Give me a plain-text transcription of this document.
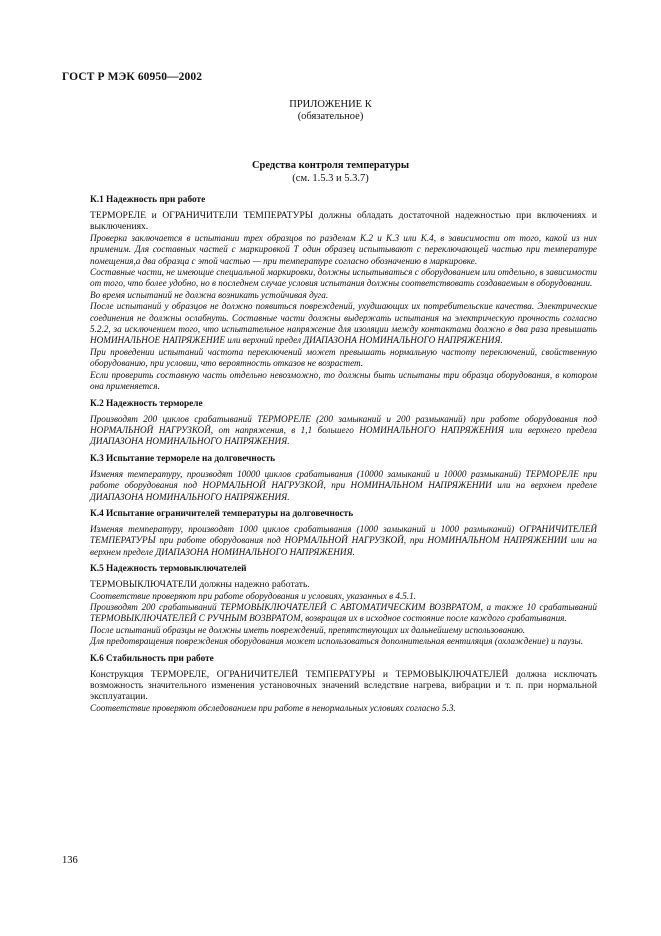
ГОСТ Р МЭК 60950—2002
ПРИЛОЖЕНИЕ К
(обязательное)
Средства контроля температуры
(см. 1.5.3 и 5.3.7)
К.1 Надежность при работе

ТЕРМОРЕЛЕ и ОГРАНИЧИТЕЛИ ТЕМПЕРАТУРЫ должны обладать достаточной надежностью при включениях и выключениях.

Проверка заключается в испытании трех образцов по разделам К.2 и К.3 или К.4, в зависимости от того, какой из них применим. Для составных частей с маркировкой Т один образец испытывают с переключающей частью при температуре помещения,а два образца с этой частью — при температуре согласно обозначению в маркировке.

Составные части, не имеющие специальной маркировки, должны испытываться с оборудованием или отдельно, в зависимости от того, что более удобно, но в последнем случае условия испытания должны соответствовать создаваемым в оборудовании.

Во время испытаний не должна возникать устойчивая дуга.

После испытаний у образцов не должно появиться повреждений, ухудшающих их потребительские качества. Электрические соединения не должны ослабнуть. Составные части должны выдержать испытания на электрическую прочность согласно 5.2.2, за исключением того, что испытательное напряжение для изоляции между контактами должно в два раза превышать НОМИНАЛЬНОЕ НАПРЯЖЕНИЕ или верхний предел ДИАПАЗОНА НОМИНАЛЬНОГО НАПРЯЖЕНИЯ.

При проведении испытаний частота переключений может превышать нормальную частоту переключений, свойственную оборудованию, при условии, что вероятность отказов не возрастет.

Если проверить составную часть отдельно невозможно, то должны быть испытаны три образца оборудования, в котором она применяется.

К.2 Надежность терморелe

Производят 200 циклов срабатываний ТЕРМОРЕЛЕ (200 замыканий и 200 размыканий) при работе оборудования под НОРМАЛЬНОЙ НАГРУЗКОЙ, от напряжения, в 1,1 большего НОМИНАЛЬНОГО НАПРЯЖЕНИЯ или верхнего предела ДИАПАЗОНА НОМИНАЛЬНОГО НАПРЯЖЕНИЯ.

К.3 Испытание терморелe на долговечность

Изменяя температуру, производят 10000 циклов срабатывания (10000 замыканий и 10000 размыканий) ТЕРМОРЕЛЕ при работе оборудования под НОРМАЛЬНОЙ НАГРУЗКОЙ, при НОМИНАЛЬНОМ НАПРЯЖЕНИИ или на верхнем пределе ДИАПАЗОНА НОМИНАЛЬНОГО НАПРЯЖЕНИЯ.

К.4 Испытание ограничителей температуры на долговечность

Изменяя температуру, производят 1000 циклов срабатывания (1000 замыканий и 1000 размыканий) ОГРАНИЧИТЕЛЕЙ ТЕМПЕРАТУРЫ при работе оборудования под НОРМАЛЬНОЙ НАГРУЗКОЙ, при НОМИНАЛЬНОМ НАПРЯЖЕНИИ или на верхнем пределе ДИАПАЗОНА НОМИНАЛЬНОГО НАПРЯЖЕНИЯ.

К.5 Надежность термовыключателей

ТЕРМОВЫКЛЮЧАТЕЛИ должны надежно работать.

Соответствие проверяют при работе оборудования и условиях, указанных в 4.5.1.

Производят 200 срабатываний ТЕРМОВЫКЛЮЧАТЕЛЕЙ С АВТОМАТИЧЕСКИМ ВОЗВРАТОМ, а также 10 срабатываний ТЕРМОВЫКЛЮЧАТЕЛЕЙ С РУЧНЫМ ВОЗВРАТОМ, возвращая их в исходное состояние после каждого срабатывания.

После испытаний образцы не должны иметь повреждений, препятствующих их дальнейшему использованию.

Для предотвращения повреждения оборудования может использоваться дополнительная вентиляция (охлаждение) и паузы.

К.6 Стабильность при работе

Конструкция ТЕРМОРЕЛЕ, ОГРАНИЧИТЕЛЕЙ ТЕМПЕРАТУРЫ и ТЕРМОВЫКЛЮЧАТЕЛЕЙ должна исключать возможность значительного изменения установочных значений вследствие нагрева, вибрации и т. п. при нормальной эксплуатации.

Соответствие проверяют обследованием при работе в ненормальных условиях согласно 5.3.

136
